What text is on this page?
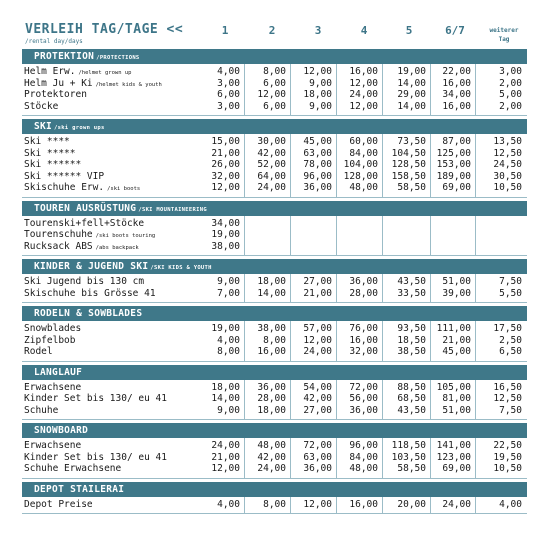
VERLEIH TAG/TAGE <<
/rental day/days
1	2	3	4	5	6/7	weiterer
Tag
PROTEKTION /PROTECTIONS
Helm Erw. /helmet grown up	4,00 8,00 12,00 16,00 19,00 22,00	3,00
Helm Ju + Ki /helmet kids & youth	3,00 6,00 9,00 12,00 14,00 16,00	2,00
Protektoren	6,00 12,00 18,00 24,00 29,00 34,00	5,00
Stöcke	3,00 6,00 9,00 12,00 14,00 16,00	2,00
SKI /ski grown ups
Ski ****	15,00 30,00 45,00 60,00 73,50 87,00 13,50
Ski *****	21,00 42,00 63,00 84,00 104,50 125,00 12,50
Ski ******	26,00 52,00 78,00 104,00 128,50 153,00 24,50
Ski ****** VIP	32,00 64,00 96,00 128,00 158,50 189,00 30,50
Skischuhe Erw. /ski boots	12,00 24,00 36,00 48,00 58,50 69,00 10,50
TOUREN AUSRÜSTUNG /SKI MOUNTAINEERING
Tourenski+fell+Stöcke	34,00
Tourenschuhe /ski boots touring	19,00
Rucksack ABS /abs backpack	38,00
KINDER & JUGEND SKI /SKI KIDS & YOUTH
Ski Jugend bis 130 cm	9,00 18,00 27,00 36,00 43,50 51,00	7,50
Skischuhe bis Grösse 41	7,00 14,00 21,00 28,00 33,50 39,00	5,50
RODELN & SOWBLADES
Snowblades	19,00 38,00 57,00 76,00 93,50 111,00 17,50
Zipfelbob	4,00 8,00 12,00 16,00 18,50 21,00	2,50
Rodel	8,00 16,00 24,00 32,00 38,50 45,00	6,50
LANGLAUF
Erwachsene	18,00 36,00 54,00 72,00 88,50 105,00 16,50
Kinder Set bis 130/ eu 41	14,00 28,00 42,00 56,00 68,50 81,00 12,50
Schuhe	9,00 18,00 27,00 36,00 43,50 51,00	7,50
SNOWBOARD
Erwachsene	24,00 48,00 72,00 96,00 118,50 141,00 22,50
Kinder Set bis 130/ eu 41	21,00 42,00 63,00 84,00 103,50 123,00 19,50
Schuhe Erwachsene	12,00 24,00 36,00 48,00 58,50 69,00 10,50
DEPOT STAILERAI
Depot Preise	4,00 8,00 12,00 16,00 20,00 24,00	4,00
